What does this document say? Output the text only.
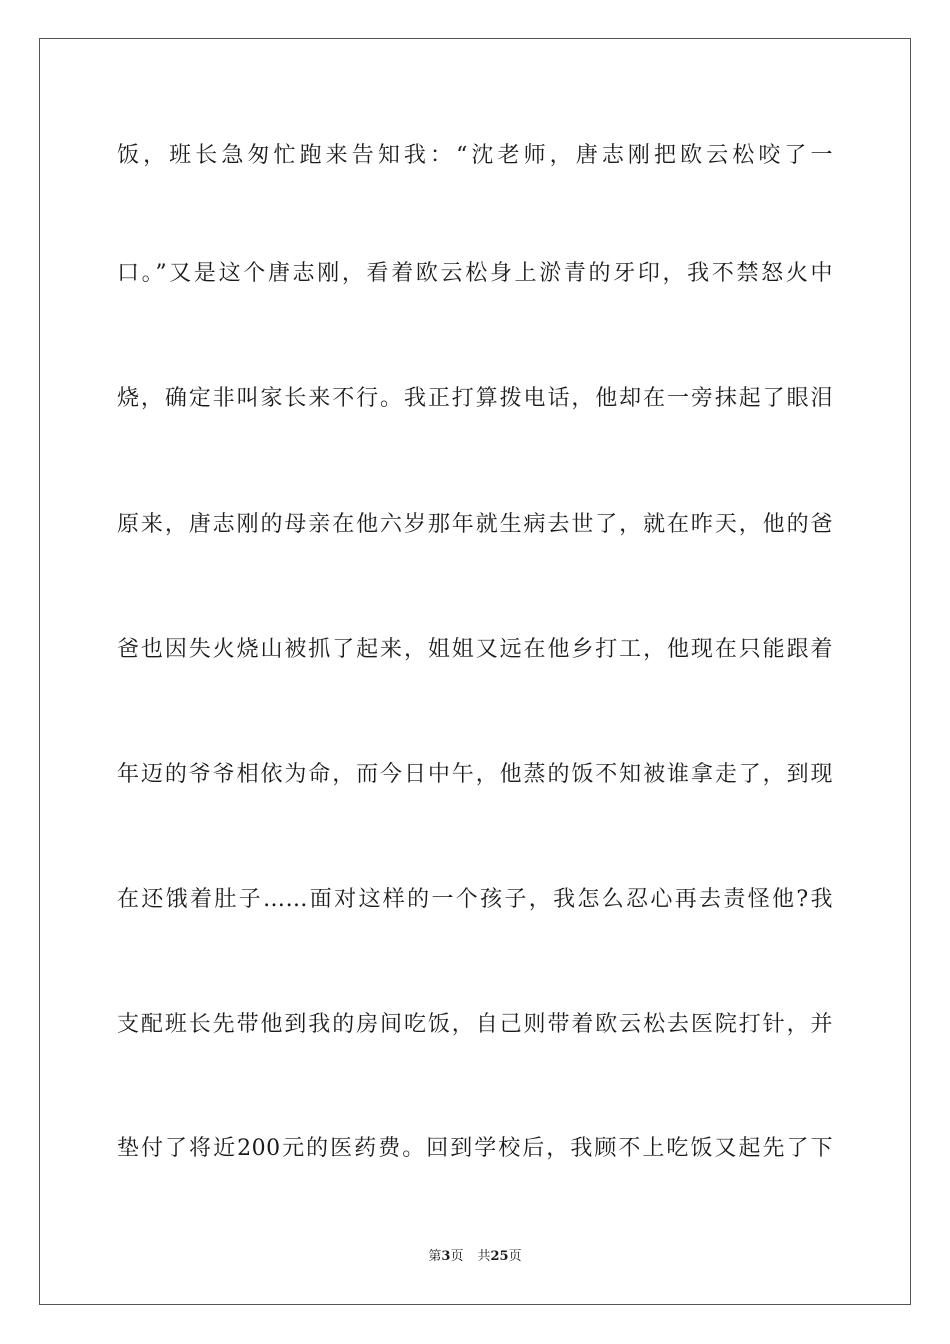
饭，班长急匆忙跑来告知我：“沈老师，唐志刚把欧云松咬了一
口。”又是这个唐志刚，看着欧云松身上淤青的牙印，我不禁怒火中
烧，确定非叫家长来不行。我正打算拨电话，他却在一旁抹起了眼泪
原来，唐志刚的母亲在他六岁那年就生病去世了，就在昨天，他的爸
爸也因失火烧山被抓了起来，姐姐又远在他乡打工，他现在只能跟着
年迈的爷爷相依为命，而今日中午，他蒸的饭不知被谁拿走了，到现
在还饿着肚子……面对这样的一个孩子，我怎么忍心再去责怪他?我
支配班长先带他到我的房间吃饭，自己则带着欧云松去医院打针，并
垫付了将近200元的医药费。回到学校后，我顾不上吃饭又起先了下
第3页 共25页
